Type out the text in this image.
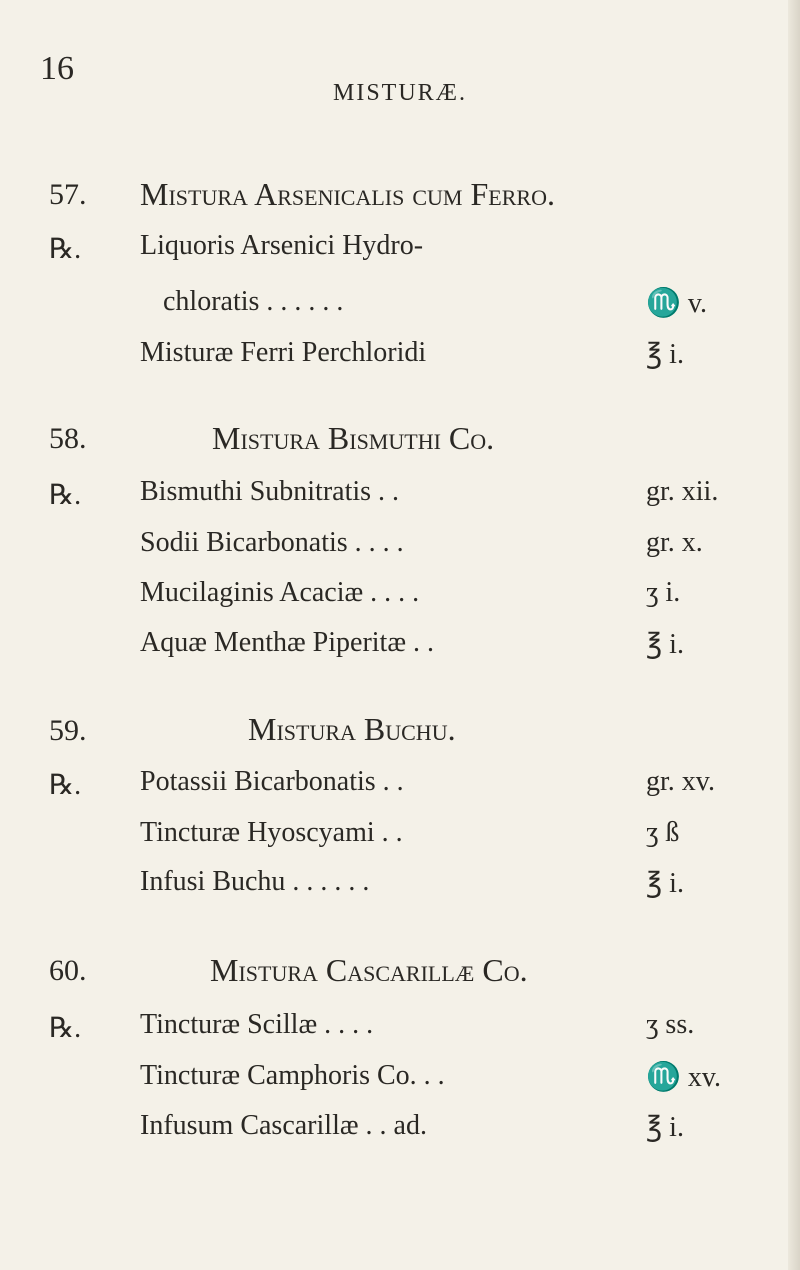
16
MISTURÆ.
57. Mistura Arsenicalis cum Ferro.
℞. Liquoris Arsenici Hydro-
chloratis . . . . . .	♏ v.
Misturæ Ferri Perchloridi	℥ i.
58.	Mistura Bismuthi Co.
℞. Bismuthi Subnitratis . .	gr. xii.
Sodii Bicarbonatis . . . .	gr. x.
Mucilaginis Acaciæ . . . .	ʒ i.
Aquæ Menthæ Piperitæ . .	℥ i.
59.	Mistura Buchu.
℞. Potassii Bicarbonatis . .	gr. xv.
Tincturæ Hyoscyami . .	ʒ ß
Infusi Buchu . . . . . .	℥ i.
60.	Mistura Cascarillæ Co.
℞. Tincturæ Scillæ . . . .	ʒ ss.
Tincturæ Camphoris Co. . .	♏ xv.
Infusum Cascarillæ . . ad.	℥ i.
